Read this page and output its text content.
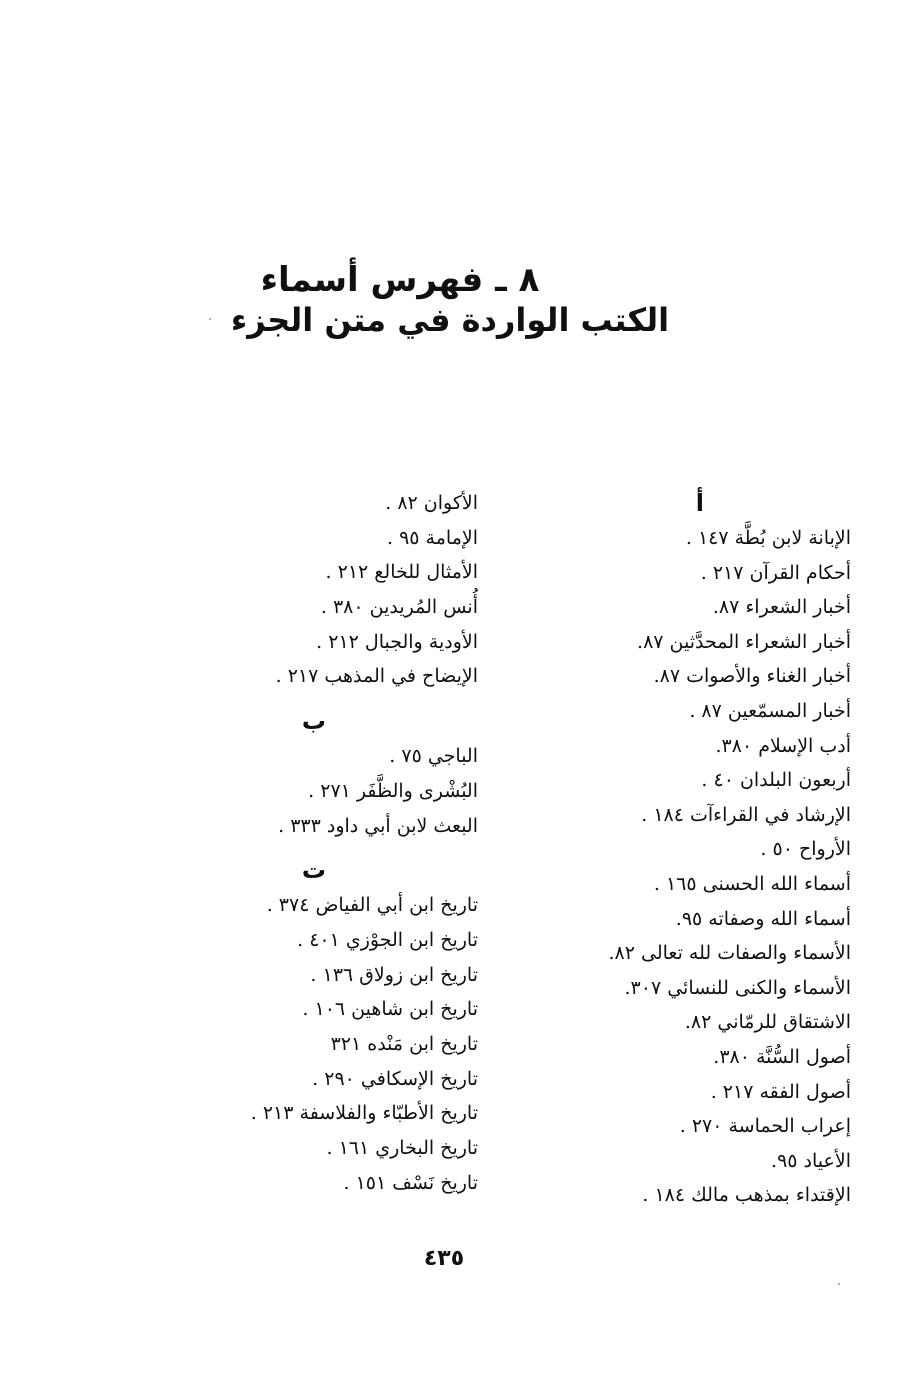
٨ ـ فهرس أسماء
الكتب الواردة في متن الجزء
أ
الإبانة لابن بُطَّة ١٤٧ .
أحكام القرآن ٢١٧ .
أخبار الشعراء ٨٧.
أخبار الشعراء المحدَّثين ٨٧.
أخبار الغناء والأصوات ٨٧.
أخبار المسمّعين ٨٧ .
أدب الإسلام ٣٨٠.
أربعون البلدان ٤٠ .
الإرشاد في القراءآت ١٨٤ .
الأرواح ٥٠ .
أسماء الله الحسنى ١٦٥ .
أسماء الله وصفاته ٩٥.
الأسماء والصفات لله تعالى ٨٢.
الأسماء والكنى للنسائي ٣٠٧.
الاشتقاق للرمّاني ٨٢.
أصول السُّنَّة ٣٨٠.
أصول الفقه ٢١٧ .
إعراب الحماسة ٢٧٠ .
الأعياد ٩٥.
الإقتداء بمذهب مالك ١٨٤ .
الأكوان ٨٢ .
الإمامة ٩٥ .
الأمثال للخالع ٢١٢ .
أُنس المُريدين ٣٨٠ .
الأودية والجبال ٢١٢ .
الإيضاح في المذهب ٢١٧ .
ب
الباجي ٧٥ .
البُشْرى والظَّفَر ٢٧١ .
البعث لابن أبي داود ٣٣٣ .
ت
تاريخ ابن أبي الفياض ٣٧٤ .
تاريخ ابن الجوْزي ٤٠١ .
تاريخ ابن زولاق ١٣٦ .
تاريخ ابن شاهين ١٠٦ .
تاريخ ابن مَنْده ٣٢١
تاريخ الإسكافي ٢٩٠ .
تاريخ الأطبّاء والفلاسفة ٢١٣ .
تاريخ البخاري ١٦١ .
تاريخ نَسْف ١٥١ .
٤٣٥
